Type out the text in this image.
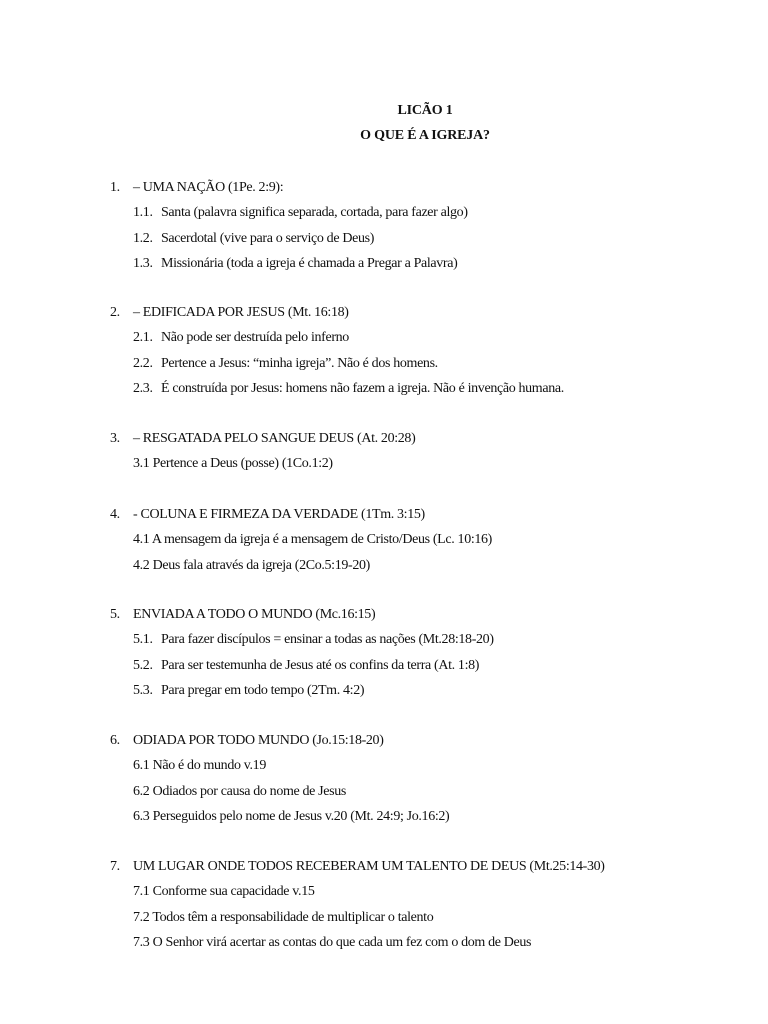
LICÃO 1
O QUE É A IGREJA?
1. – UMA NAÇÃO (1Pe. 2:9):
1.1. Santa (palavra significa separada, cortada, para fazer algo)
1.2. Sacerdotal (vive para o serviço de Deus)
1.3. Missionária (toda a igreja é chamada a Pregar a Palavra)
2. – EDIFICADA POR JESUS (Mt. 16:18)
2.1. Não pode ser destruída pelo inferno
2.2. Pertence a Jesus: “minha igreja”. Não é dos homens.
2.3. É construída por Jesus: homens não fazem a igreja. Não é invenção humana.
3. – RESGATADA PELO SANGUE DEUS (At. 20:28)
3.1 Pertence a Deus (posse) (1Co.1:2)
4. - COLUNA E FIRMEZA DA VERDADE (1Tm. 3:15)
4.1 A mensagem da igreja é a mensagem de Cristo/Deus (Lc. 10:16)
4.2 Deus fala através da igreja (2Co.5:19-20)
5. ENVIADA A TODO O MUNDO (Mc.16:15)
5.1. Para fazer discípulos = ensinar a todas as nações (Mt.28:18-20)
5.2. Para ser testemunha de Jesus até os confins da terra (At. 1:8)
5.3. Para pregar em todo tempo (2Tm. 4:2)
6. ODIADA POR TODO MUNDO (Jo.15:18-20)
6.1 Não é do mundo v.19
6.2 Odiados por causa do nome de Jesus
6.3 Perseguidos pelo nome de Jesus v.20 (Mt. 24:9; Jo.16:2)
7. UM LUGAR ONDE TODOS RECEBERAM UM TALENTO DE DEUS (Mt.25:14-30)
7.1 Conforme sua capacidade v.15
7.2 Todos têm a responsabilidade de multiplicar o talento
7.3 O Senhor virá acertar as contas do que cada um fez com o dom de Deus
